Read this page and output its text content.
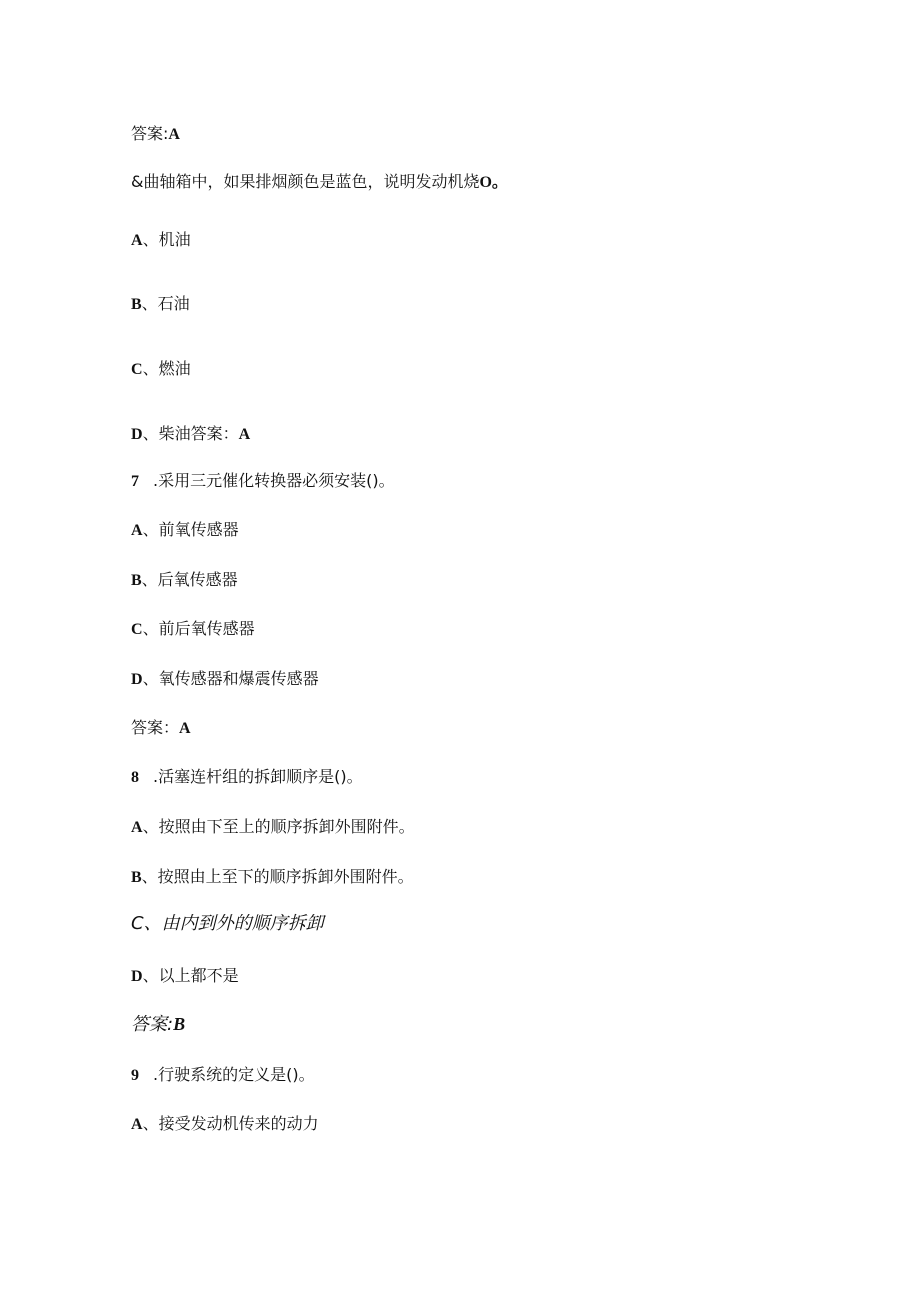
答案:A
&曲轴箱中，如果排烟颜色是蓝色，说明发动机烧O。
A、机油
B、石油
C、燃油
D、柴油答案：A
7 .采用三元催化转换器必须安装()。
A、前氧传感器
B、后氧传感器
C、前后氧传感器
D、氧传感器和爆震传感器
答案：A
8 .活塞连杆组的拆卸顺序是()。
A、按照由下至上的顺序拆卸外围附件。
B、按照由上至下的顺序拆卸外围附件。
C、由内到外的顺序拆卸
D、以上都不是
答案:B
9 .行驶系统的定义是()。
A、接受发动机传来的动力
